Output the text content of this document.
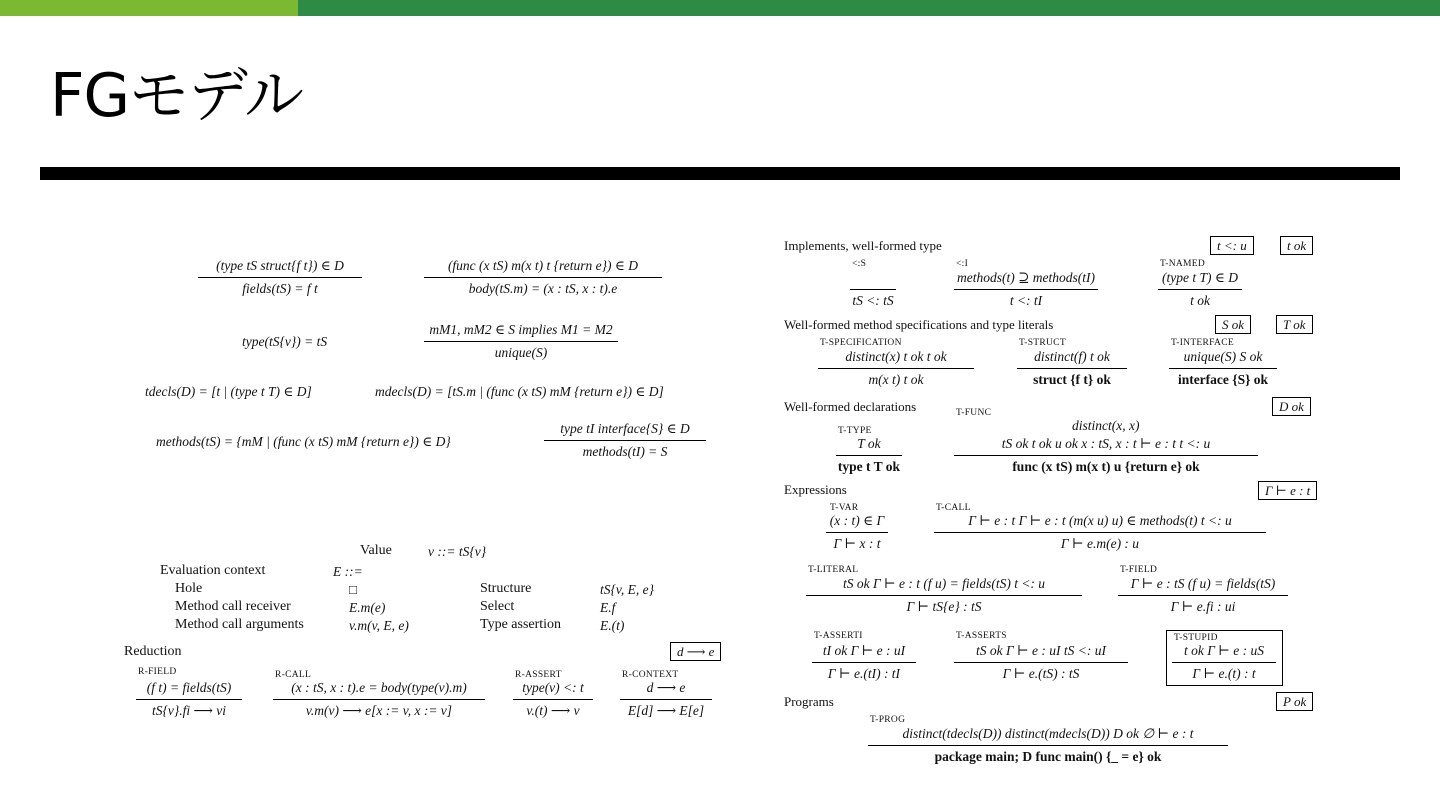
FGモデル
(type tS struct{f t}) ∈ D
fields(tS) = f t
(func (x tS) m(x t) t {return e}) ∈ D
body(tS.m) = (x : tS, x : t).e
type(tS{v}) = tS
mM1, mM2 ∈ S implies M1 = M2
unique(S)
tdecls(D) = [t | (type t T) ∈ D]	mdecls(D) = [tS.m | (func (x tS) mM {return e}) ∈ D]
methods(tS) = {mM | (func (x tS) mM {return e}) ∈ D}
type tI interface{S} ∈ D
methods(tI) = S
Value	v ::= tS{v}
Evaluation context	E ::=
Hole	□
Method call receiver	E.m(e)
Method call arguments	v.m(v, E, e)
Structure	tS{v, E, e}
Select	E.f
Type assertion	E.(t)
Reduction	d ⟶ e
R-FIELD
(f t) = fields(tS)
tS{v}.fi ⟶ vi
R-CALL
(x : tS, x : t).e = body(type(v).m)
v.m(v) ⟶ e[x := v, x := v]
R-ASSERT
type(v) <: t
v.(t) ⟶ v
R-CONTEXT
d ⟶ e
E[d] ⟶ E[e]
Implements, well-formed type	t <: u	t ok
<:S
tS <: tS
<:I
methods(t) ⊇ methods(tI)
t <: tI
T-NAMED
(type t T) ∈ D
t ok
Well-formed method specifications and type literals	S ok	T ok
T-SPECIFICATION
distinct(x) t ok t ok
m(x t) t ok
T-STRUCT
distinct(f) t ok
struct {f t} ok
T-INTERFACE
unique(S) S ok
interface {S} ok
Well-formed declarations	D ok
T-TYPE
T ok
type t T ok
T-FUNC
distinct(x, x)
tS ok t ok u ok x : tS, x : t ⊢ e : t t <: u
func (x tS) m(x t) u {return e} ok
Expressions	Γ ⊢ e : t
T-VAR
(x : t) ∈ Γ
Γ ⊢ x : t
T-CALL
Γ ⊢ e : t Γ ⊢ e : t (m(x u) u) ∈ methods(t) t <: u
Γ ⊢ e.m(e) : u
T-LITERAL
tS ok Γ ⊢ e : t (f u) = fields(tS) t <: u
Γ ⊢ tS{e} : tS
T-FIELD
Γ ⊢ e : tS (f u) = fields(tS)
Γ ⊢ e.fi : ui
T-ASSERTI
tI ok Γ ⊢ e : uI
Γ ⊢ e.(tI) : tI
T-ASSERTS
tS ok Γ ⊢ e : uI tS <: uI
Γ ⊢ e.(tS) : tS
T-STUPID
t ok Γ ⊢ e : uS
Γ ⊢ e.(t) : t
Programs	P ok
T-PROG
distinct(tdecls(D)) distinct(mdecls(D)) D ok ∅ ⊢ e : t
package main; D func main() {_ = e} ok
